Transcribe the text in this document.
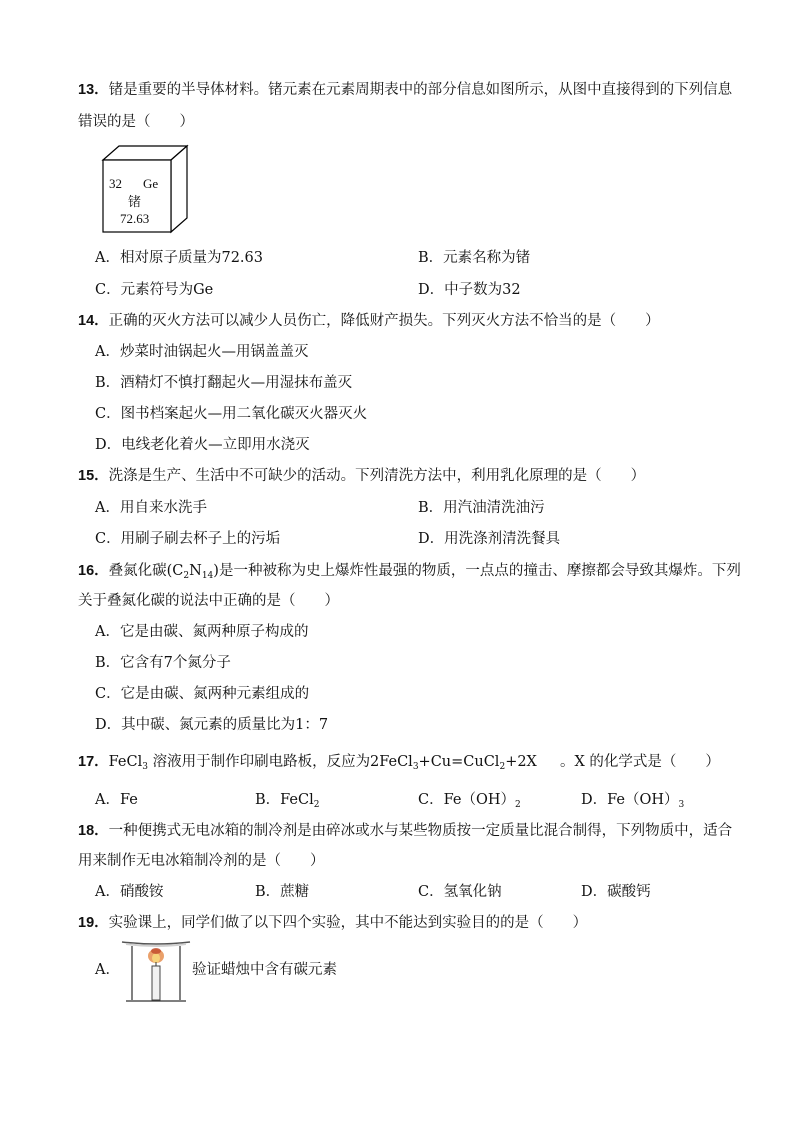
13．锗是重要的半导体材料。锗元素在元素周期表中的部分信息如图所示，从图中直接得到的下列信息
错误的是（　　）
32 Ge
锗
72.63
A．相对原子质量为72.63	B．元素名称为锗
C．元素符号为Ge	D．中子数为32
14．正确的灭火方法可以减少人员伤亡，降低财产损失。下列灭火方法不恰当的是（　　）
A．炒菜时油锅起火—用锅盖盖灭
B．酒精灯不慎打翻起火—用湿抹布盖灭
C．图书档案起火—用二氧化碳灭火器灭火
D．电线老化着火—立即用水浇灭
15．洗涤是生产、生活中不可缺少的活动。下列清洗方法中，利用乳化原理的是（　　）
A．用自来水洗手	B．用汽油清洗油污
C．用刷子刷去杯子上的污垢	D．用洗涤剂清洗餐具
16．叠氮化碳$(C_2N_{14})$是一种被称为史上爆炸性最强的物质，一点点的撞击、摩擦都会导致其爆炸。下列
关于叠氮化碳的说法中正确的是（　　）
A．它是由碳、氮两种原子构成的
B．它含有7个氮分子
C．它是由碳、氮两种元素组成的
D．其中碳、氮元素的质量比为1：7
17．FeCl$_3$ 溶液用于制作印刷电路板，反应为 2FeCl$_3$+Cu=CuCl$_2$+2X 。X 的化学式是（　　）
A．Fe	B．FeCl$_2$	C．$Fe(OH)_2$	D．$Fe(OH)_3$
18．一种便携式无电冰箱的制冷剂是由碎冰或水与某些物质按一定质量比混合制得，下列物质中，适合
用来制作无电冰箱制冷剂的是（　　）
A．硝酸铵	B．蔗糖	C．氢氧化钠	D．碳酸钙
19．实验课上，同学们做了以下四个实验，其中不能达到实验目的的是（　　）
A．	验证蜡烛中含有碳元素
